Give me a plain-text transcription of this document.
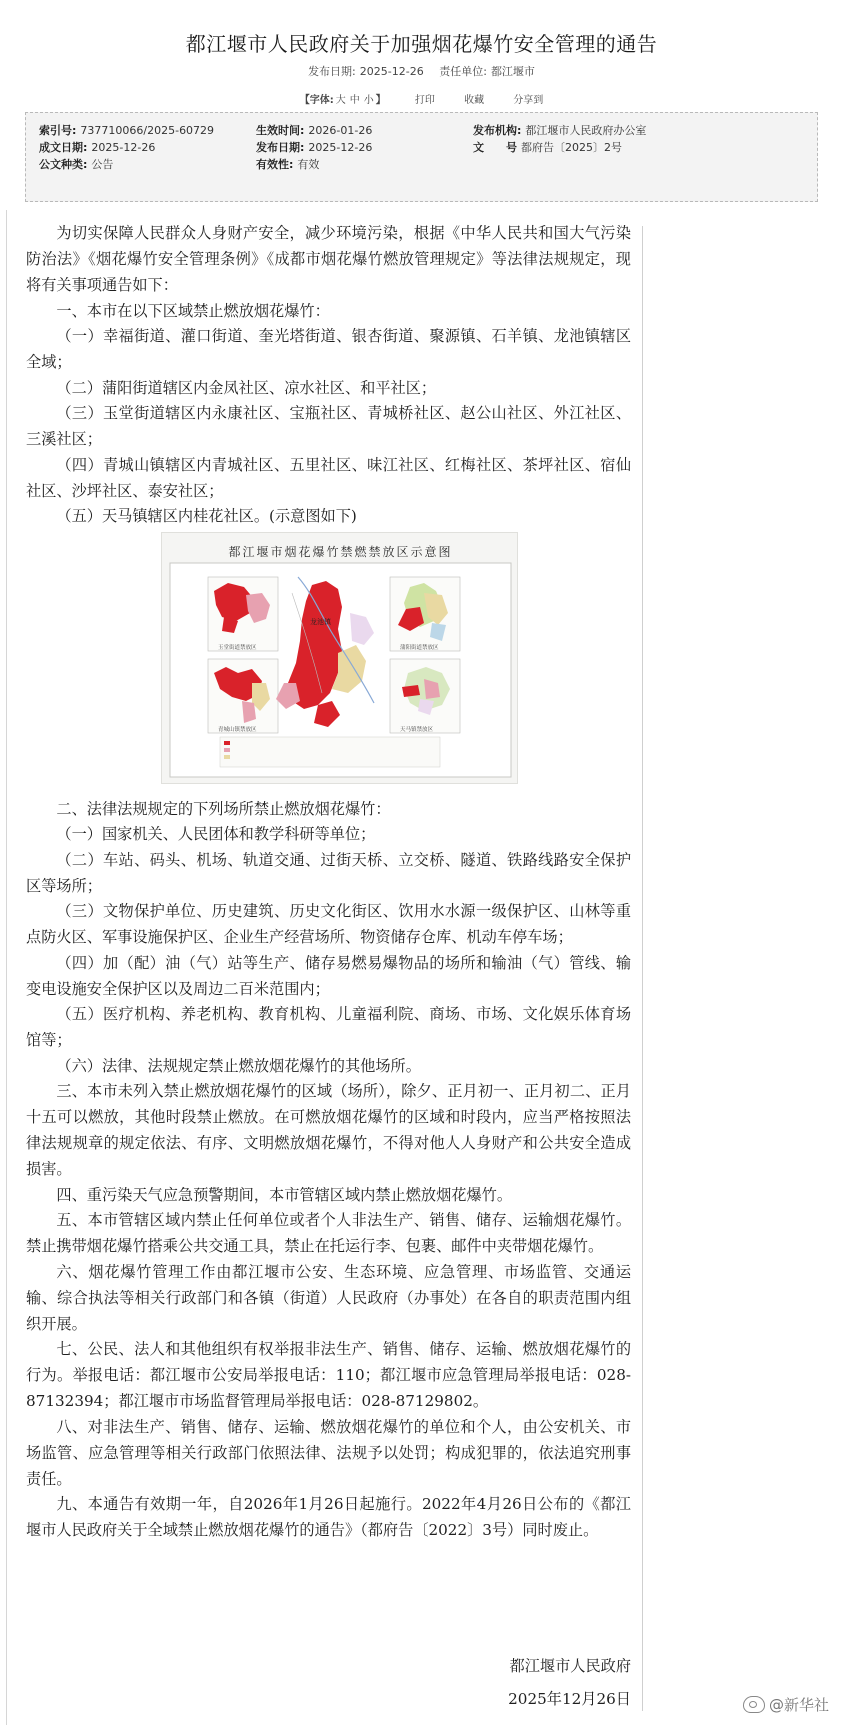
都江堰市人民政府关于加强烟花爆竹安全管理的通告
发布日期: 2025-12-26 责任单位: 都江堰市
【字体: 大 中 小 】	打印	收藏	分享到
索引号: 737710066/2025-60729	生效时间: 2026-01-26	发布机构: 都江堰市人民政府办公室
成文日期: 2025-12-26	发布日期: 2025-12-26	文　　号 都府告〔2025〕2号
公文种类: 公告	有效性: 有效

为切实保障人民群众人身财产安全，减少环境污染，根据《中华人民共和国大气污染防治法》《烟花爆竹安全管理条例》《成都市烟花爆竹燃放管理规定》等法律法规规定，现将有关事项通告如下：

一、本市在以下区域禁止燃放烟花爆竹：

（一）幸福街道、灌口街道、奎光塔街道、银杏街道、聚源镇、石羊镇、龙池镇辖区全域；

（二）蒲阳街道辖区内金凤社区、凉水社区、和平社区；

（三）玉堂街道辖区内永康社区、宝瓶社区、青城桥社区、赵公山社区、外江社区、三溪社区；

（四）青城山镇辖区内青城社区、五里社区、味江社区、红梅社区、茶坪社区、宿仙社区、沙坪社区、泰安社区；

（五）天马镇辖区内桂花社区。(示意图如下)

都江堰市烟花爆竹禁燃禁放区示意图
玉堂街道禁放区	蒲阳街道禁放区
青城山镇禁放区	天马镇禁放区
龙池镇

二、法律法规规定的下列场所禁止燃放烟花爆竹：

（一）国家机关、人民团体和教学科研等单位；

（二）车站、码头、机场、轨道交通、过街天桥、立交桥、隧道、铁路线路安全保护区等场所；

（三）文物保护单位、历史建筑、历史文化街区、饮用水水源一级保护区、山林等重点防火区、军事设施保护区、企业生产经营场所、物资储存仓库、机动车停车场；

（四）加（配）油（气）站等生产、储存易燃易爆物品的场所和输油（气）管线、输变电设施安全保护区以及周边二百米范围内；

（五）医疗机构、养老机构、教育机构、儿童福利院、商场、市场、文化娱乐体育场馆等；

（六）法律、法规规定禁止燃放烟花爆竹的其他场所。

三、本市未列入禁止燃放烟花爆竹的区域（场所），除夕、正月初一、正月初二、正月十五可以燃放，其他时段禁止燃放。在可燃放烟花爆竹的区域和时段内，应当严格按照法律法规规章的规定依法、有序、文明燃放烟花爆竹，不得对他人人身财产和公共安全造成损害。

四、重污染天气应急预警期间，本市管辖区域内禁止燃放烟花爆竹。

五、本市管辖区域内禁止任何单位或者个人非法生产、销售、储存、运输烟花爆竹。禁止携带烟花爆竹搭乘公共交通工具，禁止在托运行李、包裹、邮件中夹带烟花爆竹。

六、烟花爆竹管理工作由都江堰市公安、生态环境、应急管理、市场监管、交通运输、综合执法等相关行政部门和各镇（街道）人民政府（办事处）在各自的职责范围内组织开展。

七、公民、法人和其他组织有权举报非法生产、销售、储存、运输、燃放烟花爆竹的行为。举报电话：都江堰市公安局举报电话：110；都江堰市应急管理局举报电话：028-87132394；都江堰市市场监督管理局举报电话：028-87129802。

八、对非法生产、销售、储存、运输、燃放烟花爆竹的单位和个人，由公安机关、市场监管、应急管理等相关行政部门依照法律、法规予以处罚；构成犯罪的，依法追究刑事责任。

九、本通告有效期一年，自2026年1月26日起施行。2022年4月26日公布的《都江堰市人民政府关于全域禁止燃放烟花爆竹的通告》（都府告〔2022〕3号）同时废止。

都江堰市人民政府
2025年12月26日	@新华社
